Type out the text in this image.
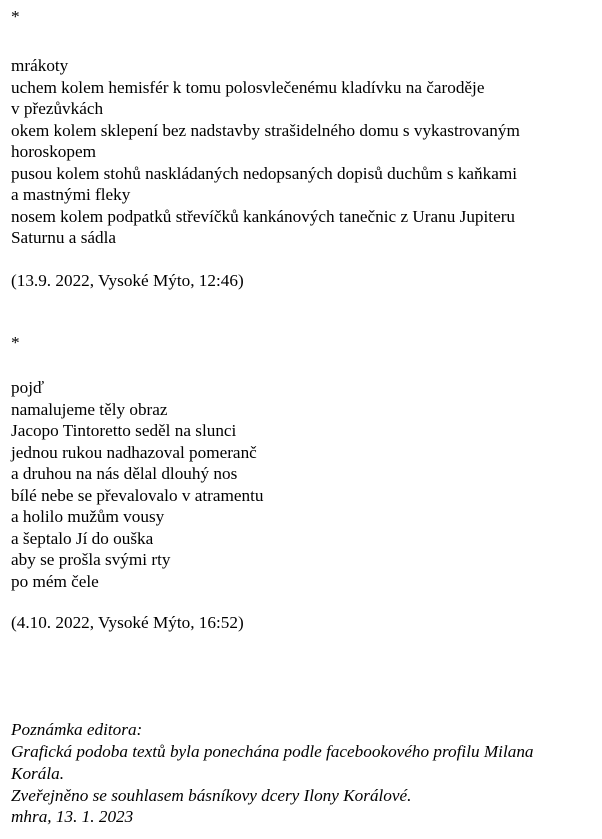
*
mrákoty
uchem kolem hemisfér k tomu polosvlečenému kladívku na čaroděje
v přezůvkách
okem kolem sklepení bez nadstavby strašidelného domu s vykastrovaným
horoskopem
pusou kolem stohů naskládaných nedopsaných dopisů duchům s kaňkami
a mastnými fleky
nosem kolem podpatků střevíčků kankánových tanečnic z Uranu Jupiteru
Saturnu a sádla
(13.9. 2022, Vysoké Mýto, 12:46)
*
pojď
namalujeme těly obraz
Jacopo Tintoretto seděl na slunci
jednou rukou nadhazoval pomeranč
a druhou na nás dělal dlouhý nos
bílé nebe se převalovalo v atramentu
a holilo mužům vousy
a šeptalo Jí do ouška
aby se prošla svými rty
po mém čele
(4.10. 2022, Vysoké Mýto, 16:52)
Poznámka editora:
Grafická podoba textů byla ponechána podle facebookového profilu Milana
Korála.
Zveřejněno se souhlasem básníkovy dcery Ilony Korálové.
mhra, 13. 1. 2023
